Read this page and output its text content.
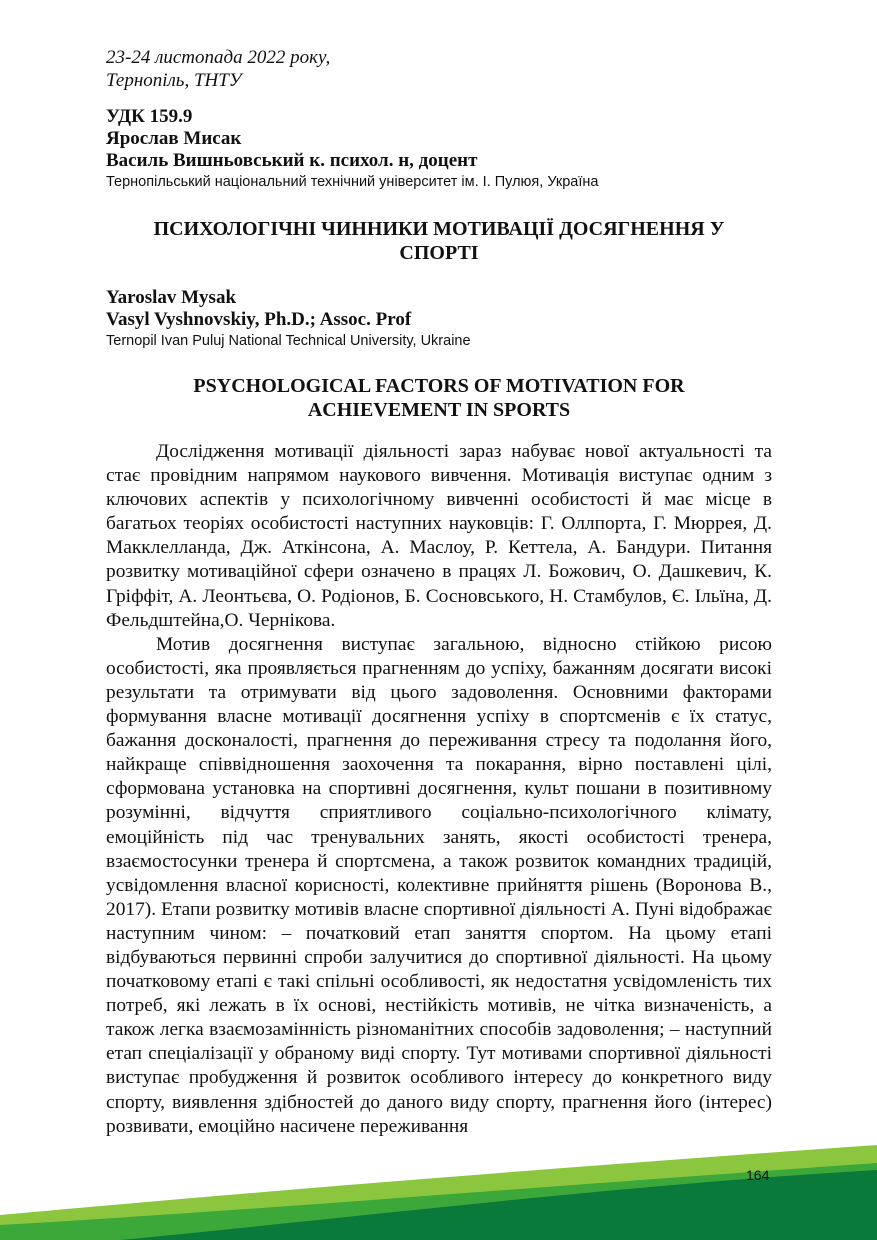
23-24 листопада 2022 року,
Тернопіль, ТНТУ
УДК 159.9
Ярослав Мисак
Василь Вишньовський к. психол. н, доцент
Тернопільський національний технічний університет ім. І. Пулюя, Україна
ПСИХОЛОГІЧНІ ЧИННИКИ МОТИВАЦІЇ ДОСЯГНЕННЯ У
СПОРТІ
Yaroslav Mysak
Vasyl Vyshnovskiy, Ph.D.; Assoc. Prof
Ternopil Ivan Puluj National Technical University, Ukraine
PSYCHOLOGICAL FACTORS OF MOTIVATION FOR
ACHIEVEMENT IN SPORTS

Дослідження мотивації діяльності зараз набуває нової актуальності та стає провідним напрямом наукового вивчення. Мотивація виступає одним з ключових аспектів у психологічному вивченні особистості й має місце в багатьох теоріях особистості наступних науковців: Г. Оллпорта, Г. Мюррея, Д. Макклелланда, Дж. Аткінсона, А. Маслоу, Р. Кеттела, А. Бандури. Питання розвитку мотиваційної сфери означено в працях Л. Божович, О. Дашкевич, К. Гріффіт, А. Леонтьєва, О. Родіонов, Б. Сосновського, Н. Стамбулов, Є. Ільїна, Д. Фельдштейна,О. Чернікова.

Мотив досягнення виступає загальною, відносно стійкою рисою особистості, яка проявляється прагненням до успіху, бажанням досягати високі результати та отримувати від цього задоволення. Основними факторами формування власне мотивації досягнення успіху в спортсменів є їх статус, бажання досконалості, прагнення до переживання стресу та подолання його, найкраще співвідношення заохочення та покарання, вірно поставлені цілі, сформована установка на спортивні досягнення, культ пошани в позитивному розумінні, відчуття сприятливого соціально-психологічного клімату, емоційність під час тренувальних занять, якості особистості тренера, взаємостосунки тренера й спортсмена, а також розвиток командних традицій, усвідомлення власної корисності, колективне прийняття рішень (Воронова В., 2017). Етапи розвитку мотивів власне спортивної діяльності А. Пуні відображає наступним чином: – початковий етап заняття спортом. На цьому етапі відбуваються первинні спроби залучитися до спортивної діяльності. На цьому початковому етапі є такі спільні особливості, як недостатня усвідомленість тих потреб, які лежать в їх основі, нестійкість мотивів, не чітка визначеність, а також легка взаємозамінність різноманітних способів задоволення; – наступний етап спеціалізації у обраному виді спорту. Тут мотивами спортивної діяльності виступає пробудження й розвиток особливого інтересу до конкретного виду спорту, виявлення здібностей до даного виду спорту, прагнення його (інтерес) розвивати, емоційно насичене переживання

164
